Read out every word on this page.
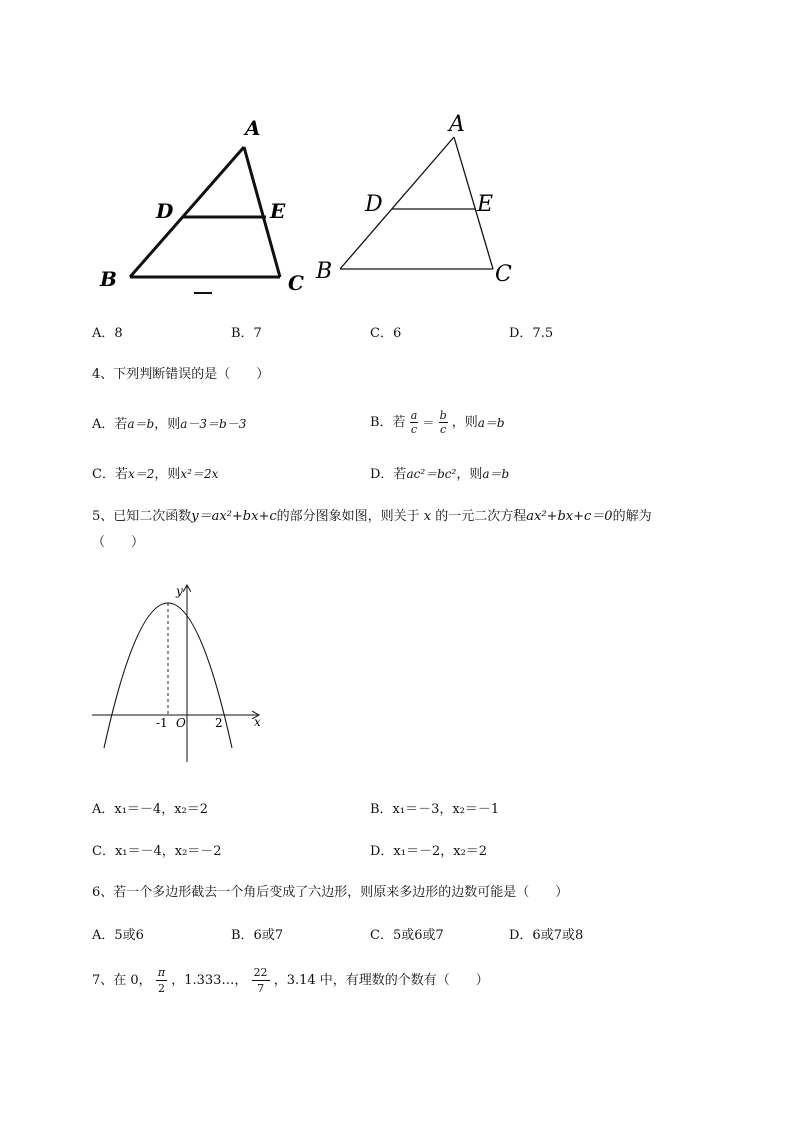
A
D	E
B	C
A
D	E
B	C
A．8	B．7	C．6	D．7.5
4、下列判断错误的是（　　）
A．若a＝b，则a－3＝b－3	B．若 $\frac{a}{c} = \frac{b}{c}$ ，则a＝b
C．若x＝2，则x²＝2x	D．若ac²＝bc²，则a＝b
5、已知二次函数y＝ax²+bx+c的部分图象如图，则关于 x 的一元二次方程ax²+bx+c＝0的解为
（　　）
y
x
O
-1	2
A．x₁＝－4，x₂＝2	B．x₁＝－3，x₂＝－1
C．x₁＝－4，x₂＝－2	D．x₁＝－2，x₂＝2
6、若一个多边形截去一个角后变成了六边形，则原来多边形的边数可能是（　　）
A．5或6	B．6或7	C．5或6或7	D．6或7或8
7、在 0， $\frac{\pi}{2}$ ，1.333…， $\frac{22}{7}$ ，3.14 中，有理数的个数有（　　）
